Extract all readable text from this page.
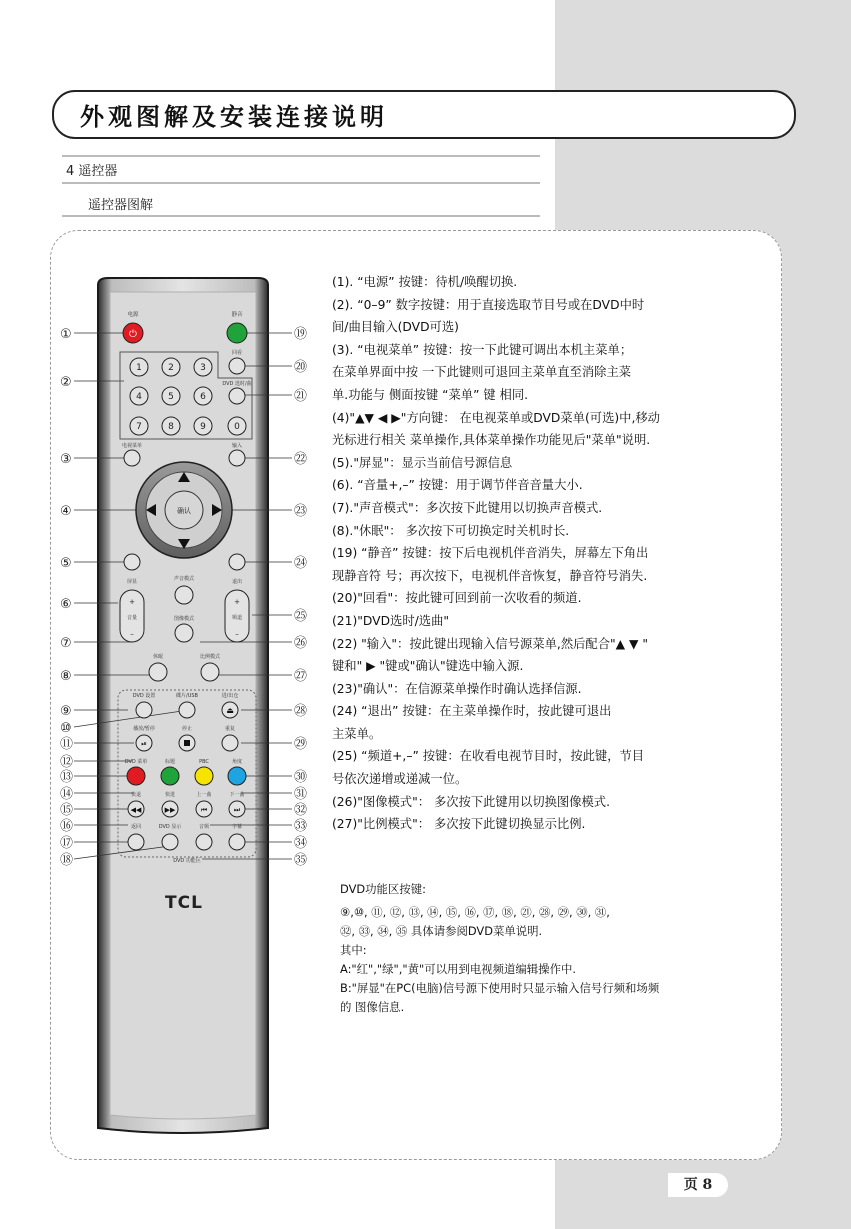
外观图解及安装连接说明
4 遥控器
遥控器图解
①
②
③
④
⑤
⑥
⑦
⑧
⑨
⑩
⑪
⑫
⑬
⑭
⑮
⑯
⑰
⑱
⑲
⑳
㉑
㉒
㉓
㉔
㉕
㉖
㉗
㉘
㉙
㉚
㉛
㉜
㉝
㉞
㉟
电源
⏻
静音
1	2	3
4	5	6
7	8	9	0
回看
DVD 选时/曲
电视菜单	输入
确认
屏显	退出
+
音量
–
+
频道
–
声音模式
图像模式
休眠	比例模式
DVD 设置	碟片/USB	进/出仓
⏏
播放/暂停
⏯
停止	重复
DVD 菜单	标题	PBC	角度
快退
◀◀
快进
▶▶
上一曲
⏮
下一曲
⏭
返回	DVD 显示	音频	字幕
DVD 功能区
TCL

(1). “电源” 按键：待机/唤醒切换.

(2). “0–9” 数字按键：用于直接选取节目号或在DVD中时

间/曲目输入(DVD可选)

(3). “电视菜单” 按键：按一下此键可调出本机主菜单；

在菜单界面中按 一下此键则可退回主菜单直至消除主菜

单.功能与 侧面按键 “菜单” 键 相同.

(4)"▲▼ ◀ ▶"方向键： 在电视菜单或DVD菜单(可选)中,移动

光标进行相关 菜单操作,具体菜单操作功能见后"菜单"说明.

(5)."屏显"：显示当前信号源信息

(6). “音量+,–” 按键：用于调节伴音音量大小.

(7)."声音模式"：多次按下此键用以切换声音模式.

(8)."休眠"： 多次按下可切换定时关机时长.

(19) “静音” 按键：按下后电视机伴音消失，屏幕左下角出

现静音符 号；再次按下，电视机伴音恢复，静音符号消失.

(20)"回看"：按此键可回到前一次收看的频道.

(21)"DVD选时/选曲"

(22) "输入"：按此键出现输入信号源菜单,然后配合"▲ ▼ "

键和" ▶ "键或"确认"键选中输入源.

(23)"确认"：在信源菜单操作时确认选择信源.

(24) “退出” 按键：在主菜单操作时，按此键可退出

主菜单。

(25) “频道+,–” 按键：在收看电视节目时，按此键，节目

号依次递增或递减一位。

(26)"图像模式"： 多次按下此键用以切换图像模式.

(27)"比例模式"： 多次按下此键切换显示比例.

DVD功能区按键:

⑨,⑩, ⑪, ⑫, ⑬, ⑭, ⑮, ⑯, ⑰, ⑱, ㉑, ㉘, ㉙, ㉚, ㉛,

㉜, ㉝, ㉞, ㉟ 具体请参阅DVD菜单说明.

其中:

A:"红","绿","黄"可以用到电视频道编辑操作中.

B:"屏显"在PC(电脑)信号源下使用时只显示输入信号行频和场频

的 图像信息.

页 8
